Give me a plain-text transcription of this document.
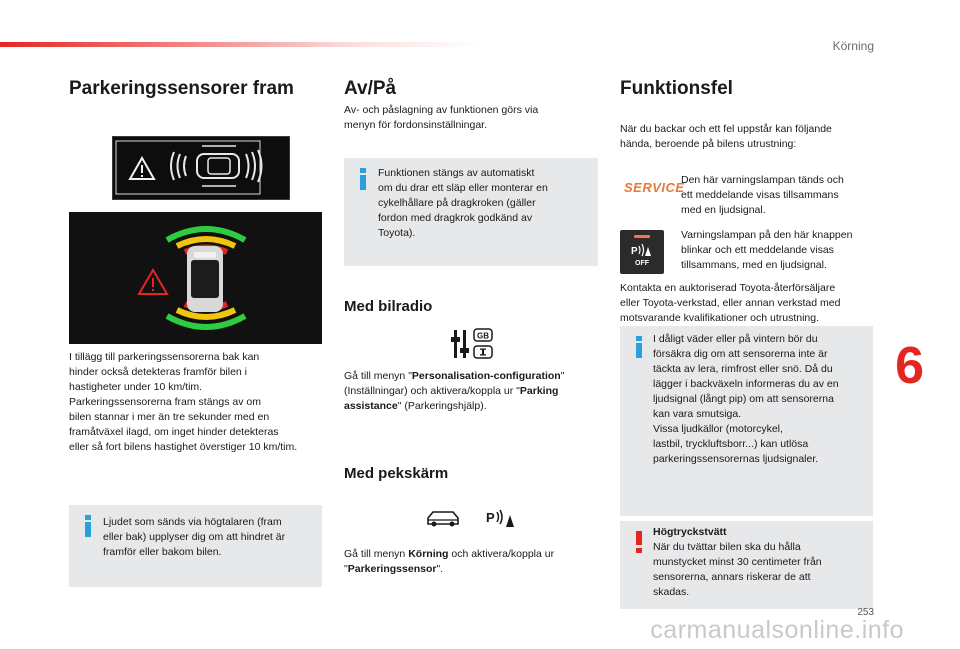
Körning
Parkeringssensorer fram
I tillägg till parkeringssensorerna bak kan
hinder också detekteras framför bilen i
hastigheter under 10 km/tim.
Parkeringssensorerna fram stängs av om
bilen stannar i mer än tre sekunder med en
framåtväxel ilagd, om inget hinder detekteras
eller så fort bilens hastighet överstiger 10 km/tim.
Ljudet som sänds via högtalaren (fram
eller bak) upplyser dig om att hindret är
framför eller bakom bilen.
Av/På
Av- och påslagning av funktionen görs via
menyn för fordonsinställningar.
Funktionen stängs av automatiskt
om du drar ett släp eller monterar en
cykelhållare på dragkroken (gäller
fordon med dragkrok godkänd av
Toyota).
Med bilradio
GB
Gå till menyn "Personalisation-configuration" (Inställningar) och aktivera/koppla ur "Parking assistance" (Parkeringshjälp).
Med pekskärm
P
Gå till menyn Körning och aktivera/koppla ur "Parkeringssensor".
Funktionsfel
När du backar och ett fel uppstår kan följande
hända, beroende på bilens utrustning:
SERVICE
Den här varningslampan tänds och
ett meddelande visas tillsammans
med en ljudsignal.
P
OFF
Varningslampan på den här knappen
blinkar och ett meddelande visas
tillsammans, med en ljudsignal.
Kontakta en auktoriserad Toyota-återförsäljare
eller Toyota-verkstad, eller annan verkstad med
motsvarande kvalifikationer och utrustning.
I dåligt väder eller på vintern bör du
försäkra dig om att sensorerna inte är
täckta av lera, rimfrost eller snö. Då du
lägger i backväxeln informeras du av en
ljudsignal (långt pip) om att sensorerna
kan vara smutsiga.
Vissa ljudkällor (motorcykel,
lastbil, tryckluftsborr...) kan utlösa
parkeringssensorernas ljudsignaler.
Högtryckstvätt
När du tvättar bilen ska du hålla
munstycket minst 30 centimeter från
sensorerna, annars riskerar de att
skadas.
6
253
carmanualsonline.info
